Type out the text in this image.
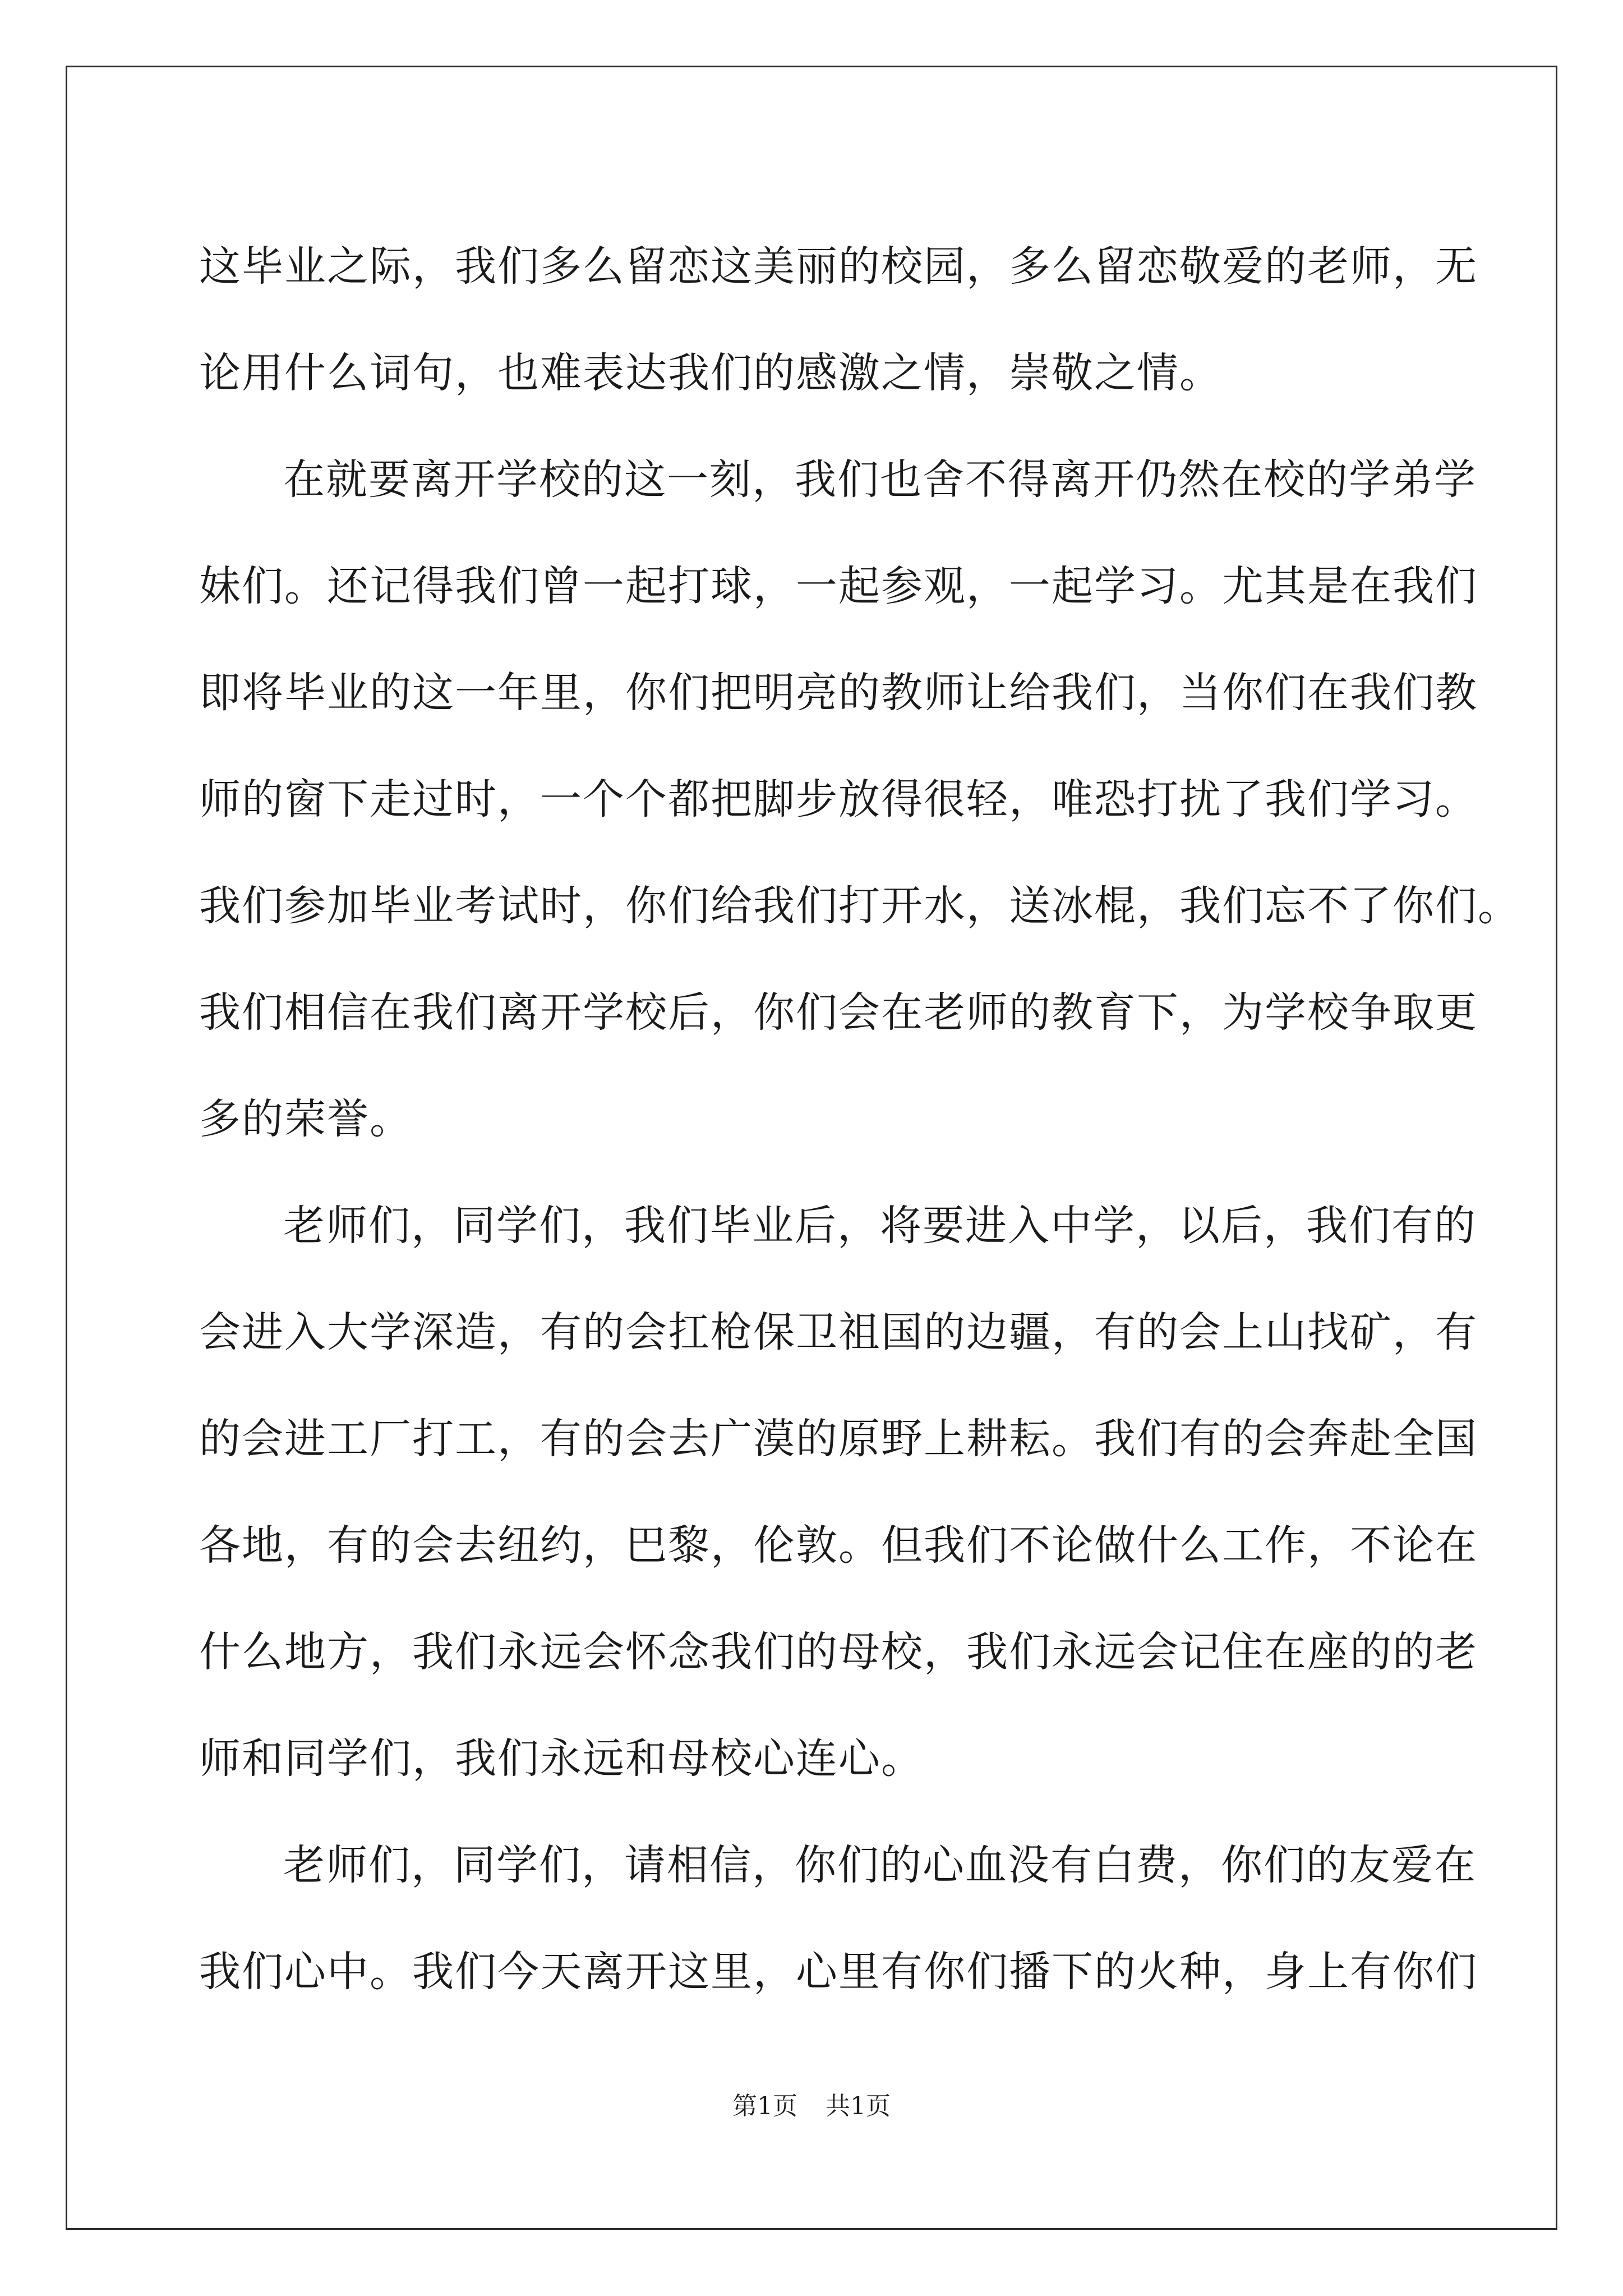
这毕业之际，我们多么留恋这美丽的校园，多么留恋敬爱的老师，无
论用什么词句，也难表达我们的感激之情，崇敬之情。
在就要离开学校的这一刻，我们也舍不得离开仍然在校的学弟学
妹们。还记得我们曾一起打球，一起参观，一起学习。尤其是在我们
即将毕业的这一年里，你们把明亮的教师让给我们，当你们在我们教
师的窗下走过时，一个个都把脚步放得很轻，唯恐打扰了我们学习。
我们参加毕业考试时，你们给我们打开水，送冰棍，我们忘不了你们。
我们相信在我们离开学校后，你们会在老师的教育下，为学校争取更
多的荣誉。
老师们，同学们，我们毕业后，将要进入中学，以后，我们有的
会进入大学深造，有的会扛枪保卫祖国的边疆，有的会上山找矿，有
的会进工厂打工，有的会去广漠的原野上耕耘。我们有的会奔赴全国
各地，有的会去纽约，巴黎，伦敦。但我们不论做什么工作，不论在
什么地方，我们永远会怀念我们的母校，我们永远会记住在座的的老
师和同学们，我们永远和母校心连心。
老师们，同学们，请相信，你们的心血没有白费，你们的友爱在
我们心中。我们今天离开这里，心里有你们播下的火种，身上有你们
第1页 共1页
